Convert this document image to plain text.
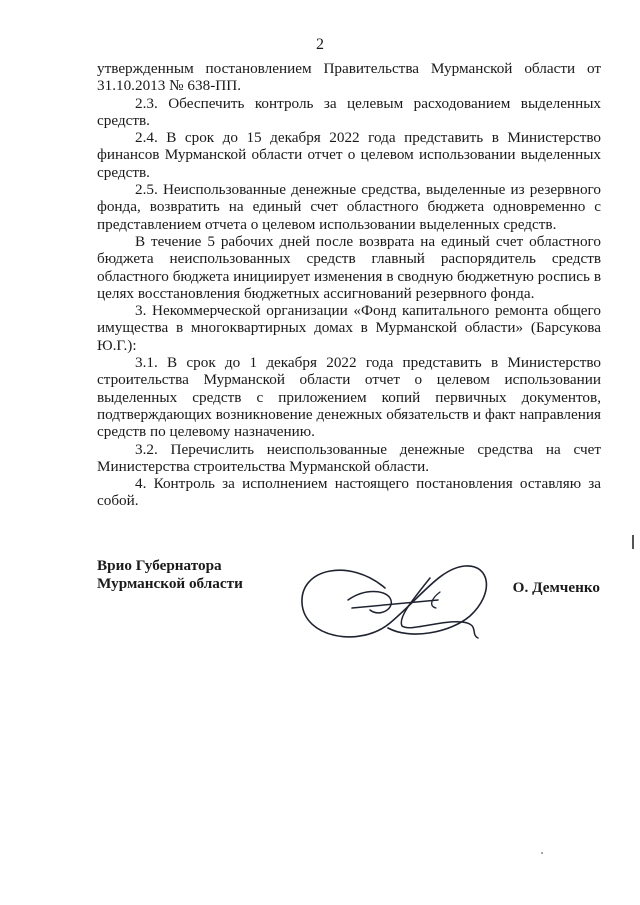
2

утвержденным постановлением Правительства Мурманской области от 31.10.2013 № 638-ПП.

2.3. Обеспечить контроль за целевым расходованием выделенных средств.

2.4. В срок до 15 декабря 2022 года представить в Министерство финансов Мурманской области отчет о целевом использовании выделенных средств.

2.5. Неиспользованные денежные средства, выделенные из резервного фонда, возвратить на единый счет областного бюджета одновременно с представлением отчета о целевом использовании выделенных средств.

В течение 5 рабочих дней после возврата на единый счет областного бюджета неиспользованных средств главный распорядитель средств областного бюджета инициирует изменения в сводную бюджетную роспись в целях восстановления бюджетных ассигнований резервного фонда.

3. Некоммерческой организации «Фонд капитального ремонта общего имущества в многоквартирных домах в Мурманской области» (Барсукова Ю.Г.):

3.1. В срок до 1 декабря 2022 года представить в Министерство строительства Мурманской области отчет о целевом использовании выделенных средств с приложением копий первичных документов, подтверждающих возникновение денежных обязательств и факт направления средств по целевому назначению.

3.2. Перечислить неиспользованные денежные средства на счет Министерства строительства Мурманской области.

4. Контроль за исполнением настоящего постановления оставляю за собой.

Врио Губернатора
Мурманской области	О. Демченко
